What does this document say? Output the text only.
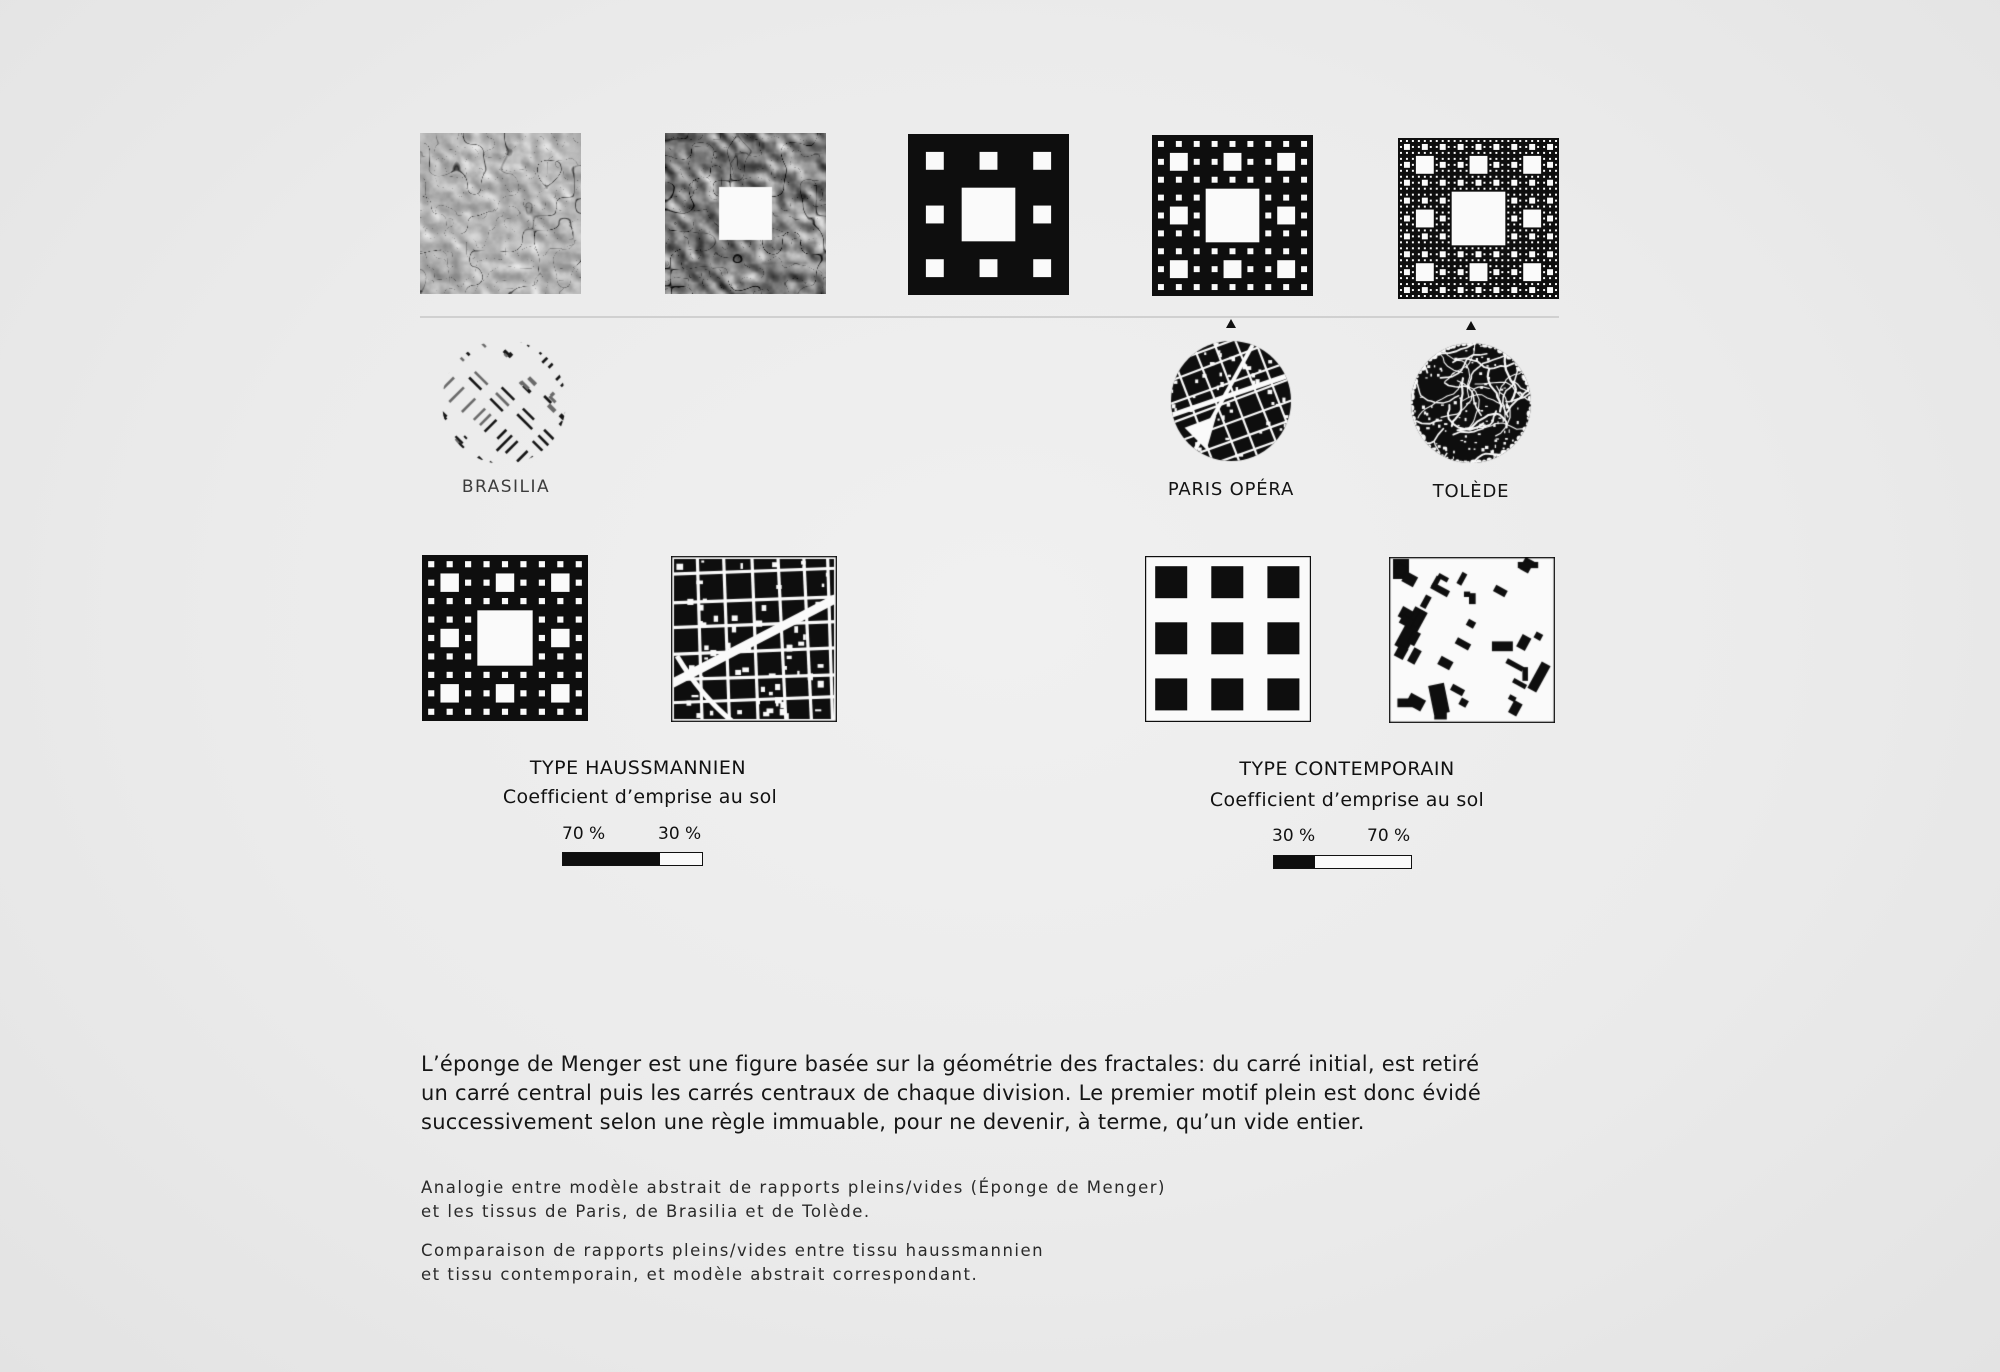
BRASILIA	PARIS OPÉRA	TOLÈDE
TYPE HAUSSMANNIEN
Coefficient d’emprise au sol
70 %	30 %
TYPE CONTEMPORAIN
Coefficient d’emprise au sol
30 %	70 %
L’éponge de Menger est une figure basée sur la géométrie des fractales: du carré initial, est retiré
un carré central puis les carrés centraux de chaque division. Le premier motif plein est donc évidé
successivement selon une règle immuable, pour ne devenir, à terme, qu’un vide entier.
Analogie entre modèle abstrait de rapports pleins/vides (Éponge de Menger)
et les tissus de Paris, de Brasilia et de Tolède.
Comparaison de rapports pleins/vides entre tissu haussmannien
et tissu contemporain, et modèle abstrait correspondant.
